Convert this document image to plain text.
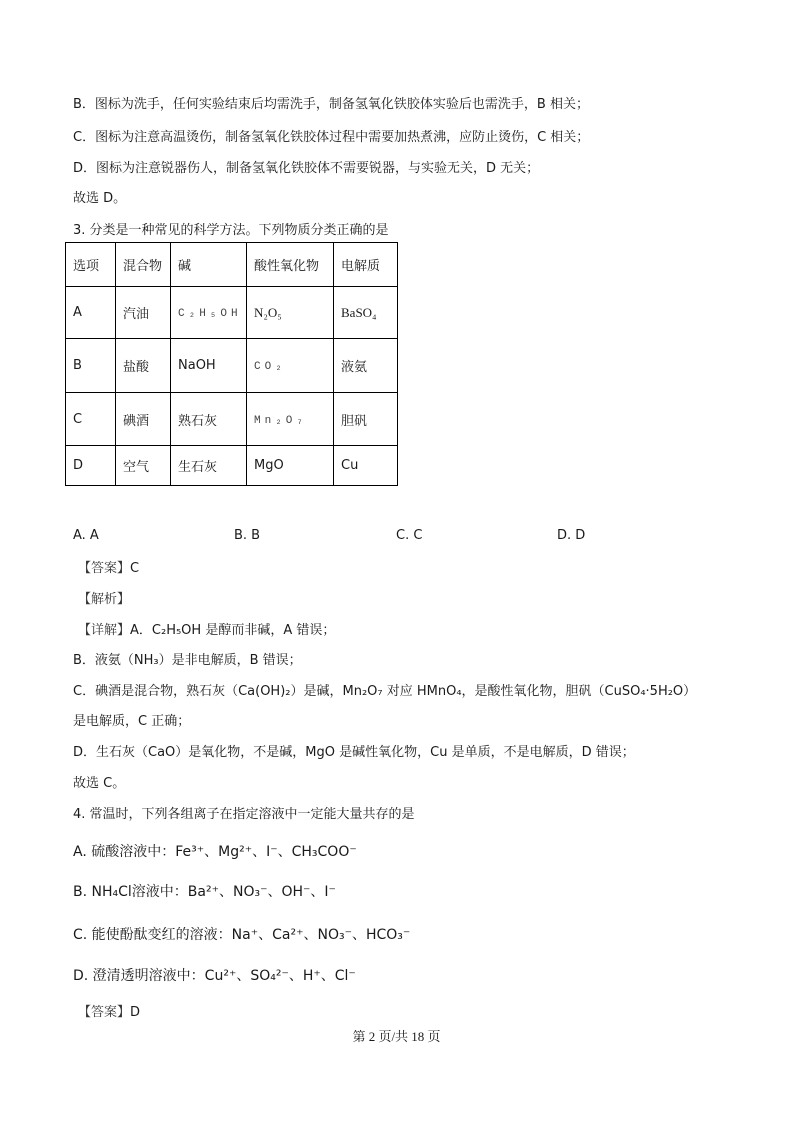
B．图标为洗手，任何实验结束后均需洗手，制备氢氧化铁胶体实验后也需洗手，B 相关；
C．图标为注意高温烫伤，制备氢氧化铁胶体过程中需要加热煮沸，应防止烫伤，C 相关；
D．图标为注意锐器伤人，制备氢氧化铁胶体不需要锐器，与实验无关，D 无关；
故选 D。
3. 分类是一种常见的科学方法。下列物质分类正确的是
选项	混合物	碱	酸性氧化物	电解质
A	汽油	C₂H₅OH	N₂O₅	BaSO₄
B	盐酸	NaOH	CO₂	液氨
C	碘酒	熟石灰	Mn₂O₇	胆矾
D	空气	生石灰	MgO	Cu
A. A	B. B	C. C	D. D
【答案】C
【解析】
【详解】A．C₂H₅OH 是醇而非碱，A 错误；
B．液氨（NH₃）是非电解质，B 错误；
C．碘酒是混合物，熟石灰（Ca(OH)₂）是碱，Mn₂O₇ 对应 HMnO₄，是酸性氧化物，胆矾（CuSO₄·5H₂O）
是电解质，C 正确；
D．生石灰（CaO）是氧化物，不是碱，MgO 是碱性氧化物，Cu 是单质，不是电解质，D 错误；
故选 C。
4. 常温时，下列各组离子在指定溶液中一定能大量共存的是
A. 硫酸溶液中：Fe³⁺、Mg²⁺、I⁻、CH₃COO⁻
B. NH₄Cl溶液中：Ba²⁺、NO₃⁻、OH⁻、I⁻
C. 能使酚酞变红的溶液：Na⁺、Ca²⁺、NO₃⁻、HCO₃⁻
D. 澄清透明溶液中：Cu²⁺、SO₄²⁻、H⁺、Cl⁻
【答案】D
第 2 页/共 18 页
